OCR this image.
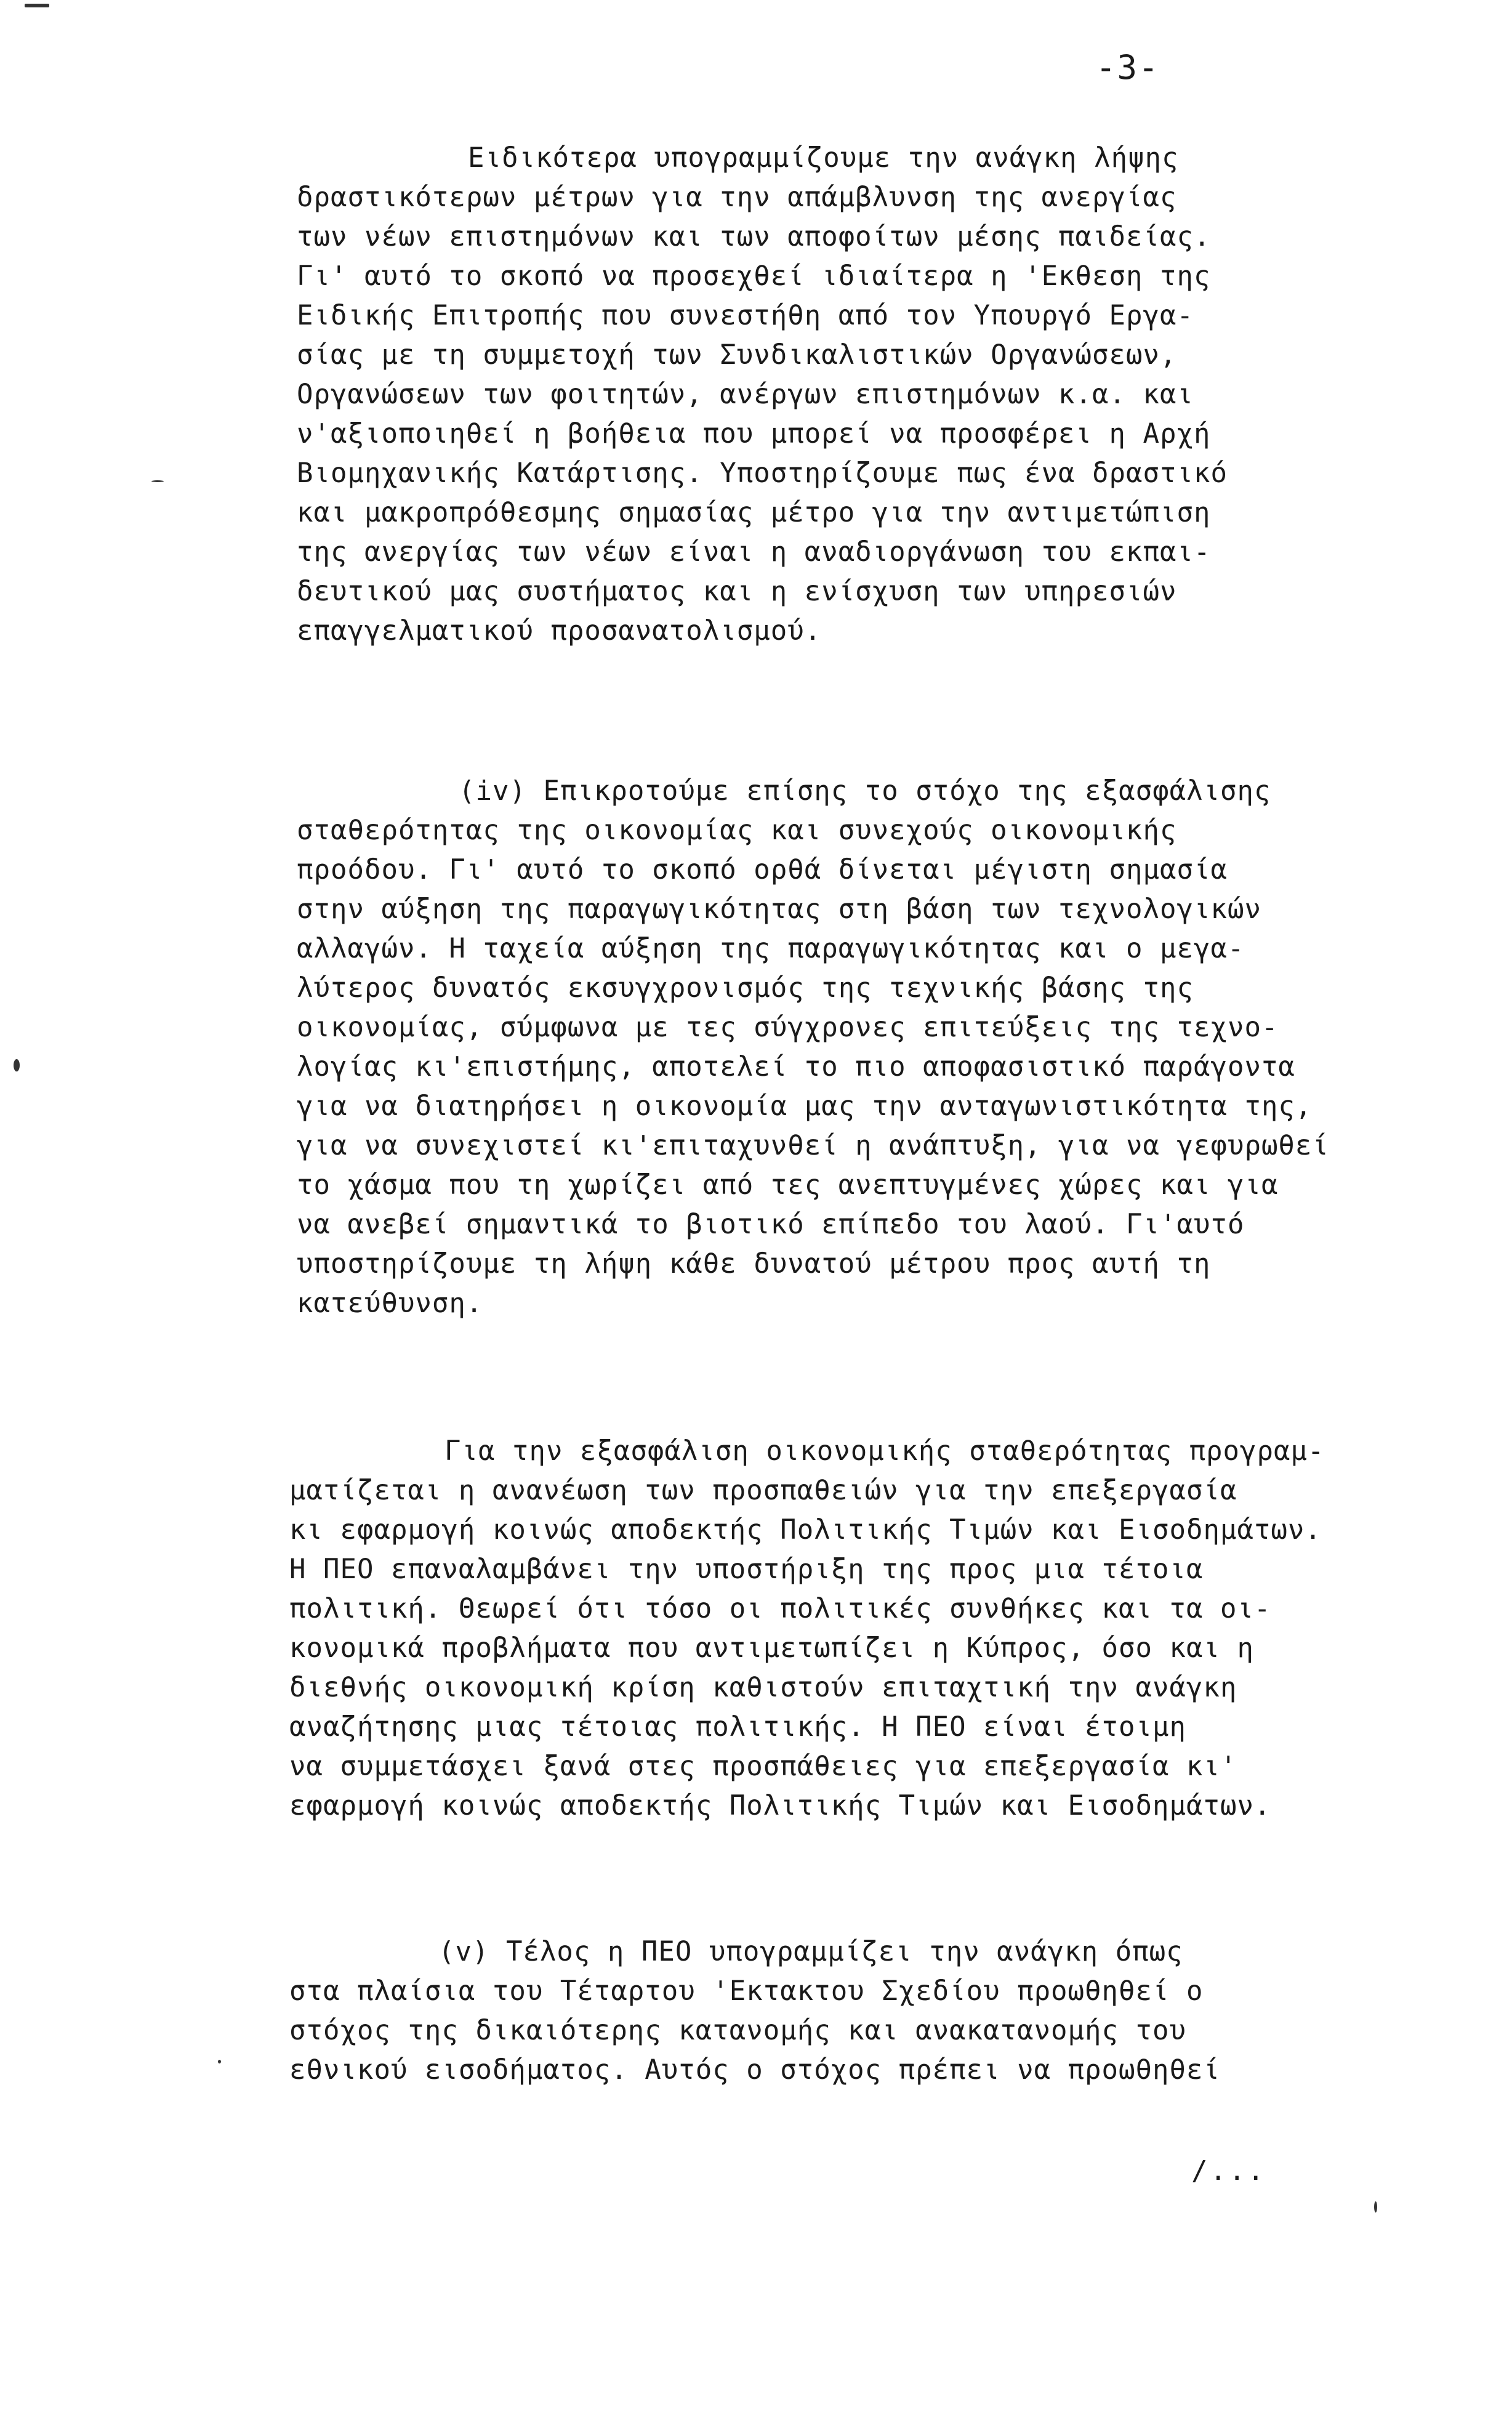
-3-
Ειδικότερα υπογραμμίζουμε την ανάγκη λήψης
δραστικότερων μέτρων για την απάμβλυνση της ανεργίας
των νέων επιστημόνων και των αποφοίτων μέσης παιδείας.
Γι' αυτό το σκοπό να προσεχθεί ιδιαίτερα η 'Εκθεση της
Ειδικής Επιτροπής που συνεστήθη από τον Υπουργό Εργα-
σίας με τη συμμετοχή των Συνδικαλιστικών Οργανώσεων,
Οργανώσεων των φοιτητών, ανέργων επιστημόνων κ.α. και
ν'αξιοποιηθεί η βοήθεια που μπορεί να προσφέρει η Αρχή
Βιομηχανικής Κατάρτισης. Υποστηρίζουμε πως ένα δραστικό
και μακροπρόθεσμης σημασίας μέτρο για την αντιμετώπιση
της ανεργίας των νέων είναι η αναδιοργάνωση του εκπαι-
δευτικού μας συστήματος και η ενίσχυση των υπηρεσιών
επαγγελματικού προσανατολισμού.
(iv) Επικροτούμε επίσης το στόχο της εξασφάλισης
σταθερότητας της οικονομίας και συνεχούς οικονομικής
προόδου. Γι' αυτό το σκοπό ορθά δίνεται μέγιστη σημασία
στην αύξηση της παραγωγικότητας στη βάση των τεχνολογικών
αλλαγών. Η ταχεία αύξηση της παραγωγικότητας και ο μεγα-
λύτερος δυνατός εκσυγχρονισμός της τεχνικής βάσης της
οικονομίας, σύμφωνα με τες σύγχρονες επιτεύξεις της τεχνο-
λογίας κι'επιστήμης, αποτελεί το πιο αποφασιστικό παράγοντα
για να διατηρήσει η οικονομία μας την ανταγωνιστικότητα της,
για να συνεχιστεί κι'επιταχυνθεί η ανάπτυξη, για να γεφυρωθεί
το χάσμα που τη χωρίζει από τες ανεπτυγμένες χώρες και για
να ανεβεί σημαντικά το βιοτικό επίπεδο του λαού. Γι'αυτό
υποστηρίζουμε τη λήψη κάθε δυνατού μέτρου προς αυτή τη
κατεύθυνση.
Για την εξασφάλιση οικονομικής σταθερότητας προγραμ-
ματίζεται η ανανέωση των προσπαθειών για την επεξεργασία
κι εφαρμογή κοινώς αποδεκτής Πολιτικής Τιμών και Εισοδημάτων.
Η ΠΕΟ επαναλαμβάνει την υποστήριξη της προς μια τέτοια
πολιτική. Θεωρεί ότι τόσο οι πολιτικές συνθήκες και τα οι-
κονομικά προβλήματα που αντιμετωπίζει η Κύπρος, όσο και η
διεθνής οικονομική κρίση καθιστούν επιταχτική την ανάγκη
αναζήτησης μιας τέτοιας πολιτικής. Η ΠΕΟ είναι έτοιμη
να συμμετάσχει ξανά στες προσπάθειες για επεξεργασία κι'
εφαρμογή κοινώς αποδεκτής Πολιτικής Τιμών και Εισοδημάτων.
(v) Τέλος η ΠΕΟ υπογραμμίζει την ανάγκη όπως
στα πλαίσια του Τέταρτου 'Εκτακτου Σχεδίου προωθηθεί ο
στόχος της δικαιότερης κατανομής και ανακατανομής του
εθνικού εισοδήματος. Αυτός ο στόχος πρέπει να προωθηθεί
/...
